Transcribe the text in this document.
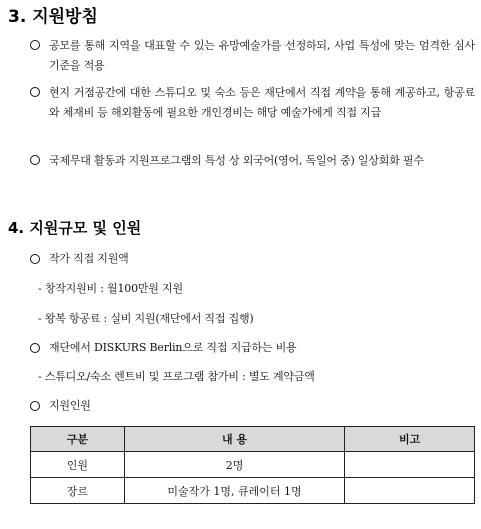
3. 지원방침
공모를 통해 지역을 대표할 수 있는 유망예술가를 선정하되, 사업 특성에 맞는 엄격한 심사기준을 적용
현지 거점공간에 대한 스튜디오 및 숙소 등은 재단에서 직접 계약을 통해 계공하고, 항공료와 체재비 등 해외활동에 필요한 개인경비는 해당 예술가에게 직접 지급
국제무대 활동과 지원프로그램의 특성 상 외국어(영어, 독일어 중) 일상회화 필수
4. 지원규모 및 인원
작가 직접 지원액
- 창작지원비 : 월100만원 지원
- 왕복 항공료 : 실비 지원(재단에서 직접 집행)
재단에서 DISKURS Berlin으로 직접 지급하는 비용
- 스튜디오/숙소 렌트비 및 프로그램 참가비 : 별도 계약금액
지원인원
구분	내 용	비고
인원	2명	
장르	미술작가 1명, 큐레이터 1명	
